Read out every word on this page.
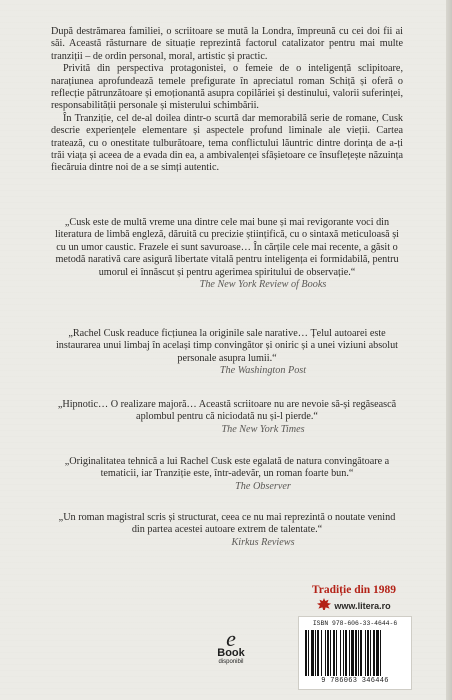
După destrămarea familiei, o scriitoare se mută la Londra, împreună cu cei doi fii ai săi. Această răsturnare de situație reprezintă factorul catalizator pentru mai multe tranziții – de ordin personal, moral, artistic și practic.

Privită din perspectiva protagonistei, o femeie de o inteligență sclipitoare, narațiunea aprofundează temele prefigurate în apreciatul roman Schiță și oferă o reflecție pătrunzătoare și emoționantă asupra copilăriei și destinului, valorii suferinței, responsabilității personale și misterului schimbării.

În Tranziție, cel de-al doilea dintr-o scurtă dar memorabilă serie de romane, Cusk descrie experiențele elementare și aspectele profund liminale ale vieții. Cartea tratează, cu o onestitate tulburătoare, tema conflictului lăuntric dintre dorința de a-ți trăi viața și aceea de a evada din ea, a ambivalenței sfâșietoare ce însuflețește năzuința fiecăruia dintre noi de a se simți autentic.

„Cusk este de multă vreme una dintre cele mai bune și mai revigorante voci din literatura de limbă engleză, dăruită cu precizie științifică, cu o sintaxă meticuloasă și cu un umor caustic. Frazele ei sunt savuroase… În cărțile cele mai recente, a găsit o metodă narativă care asigură libertate vitală pentru inteligența ei formidabilă, pentru umorul ei înnăscut și pentru agerimea spiritului de observație.“
The New York Review of Books
„Rachel Cusk readuce ficțiunea la originile sale narative… Țelul autoarei este instaurarea unui limbaj în același timp convingător și oniric și a unei viziuni absolut personale asupra lumii.“
The Washington Post
„Hipnotic… O realizare majoră… Această scriitoare nu are nevoie să-și regăsească aplombul pentru că niciodată nu și-l pierde.“
The New York Times
„Originalitatea tehnică a lui Rachel Cusk este egalată de natura convingătoare a tematicii, iar Tranziție este, într-adevăr, un roman foarte bun.“
The Observer
„Un roman magistral scris și structurat, ceea ce nu mai reprezintă o noutate venind din partea acestei autoare extrem de talentate.“
Kirkus Reviews
e
Book
disponibil
Tradiție din 1989
www.litera.ro
ISBN 978-606-33-4644-6
9 786063 346446
